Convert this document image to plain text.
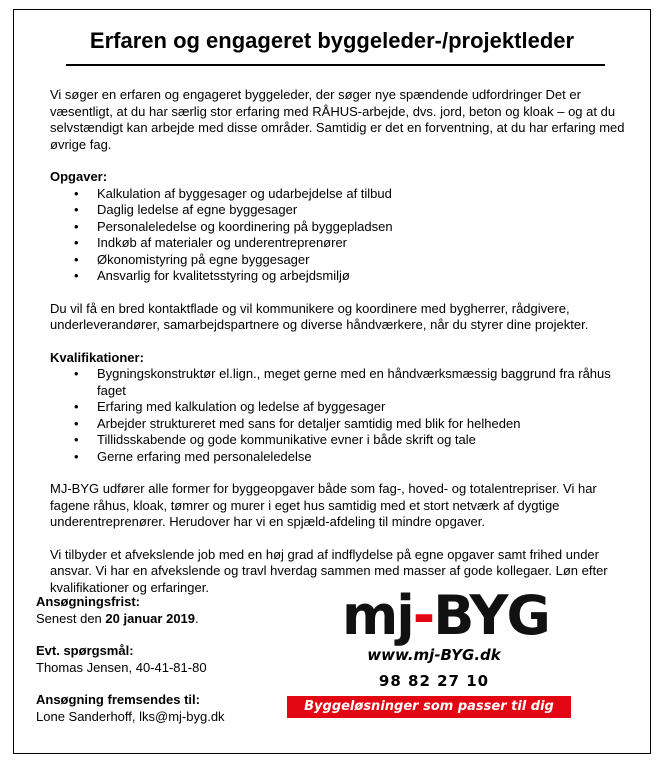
Erfaren og engageret byggeleder-/projektleder

Vi søger en erfaren og engageret byggeleder, der søger nye spændende udfordringer Det er væsentligt, at du har særlig stor erfaring med RÅHUS-arbejde, dvs. jord, beton og kloak – og at du selvstændigt kan arbejde med disse områder. Samtidig er det en forventning, at du har erfaring med øvrige fag.

Opgaver:

• Kalkulation af byggesager og udarbejdelse af tilbud
• Daglig ledelse af egne byggesager
• Personaleledelse og koordinering på byggepladsen
• Indkøb af materialer og underentreprenører
• Økonomistyring på egne byggesager
• Ansvarlig for kvalitetsstyring og arbejdsmiljø

Du vil få en bred kontaktflade og vil kommunikere og koordinere med bygherrer, rådgivere, underleverandører, samarbejdspartnere og diverse håndværkere, når du styrer dine projekter.

Kvalifikationer:

• Bygningskonstruktør el.lign., meget gerne med en håndværksmæssig baggrund fra råhus faget
• Erfaring med kalkulation og ledelse af byggesager
• Arbejder struktureret med sans for detaljer samtidig med blik for helheden
• Tillidsskabende og gode kommunikative evner i både skrift og tale
• Gerne erfaring med personaleledelse

MJ-BYG udfører alle former for byggeopgaver både som fag-, hoved- og totalentrepriser. Vi har fagene råhus, kloak, tømrer og murer i eget hus samtidig med et stort netværk af dygtige underentreprenører. Herudover har vi en spjæld-afdeling til mindre opgaver.

Vi tilbyder et afvekslende job med en høj grad af indflydelse på egne opgaver samt frihed under ansvar. Vi har en afvekslende og travl hverdag sammen med masser af gode kollegaer. Løn efter kvalifikationer og erfaringer.

Ansøgningsfrist:

Senest den 20 januar 2019.

Evt. spørgsmål:

Thomas Jensen, 40-41-81-80

Ansøgning fremsendes til:

Lone Sanderhoff, lks@mj-byg.dk

mj-BYG
www.mj-BYG.dk
98 82 27 10
Byggeløsninger som passer til dig
